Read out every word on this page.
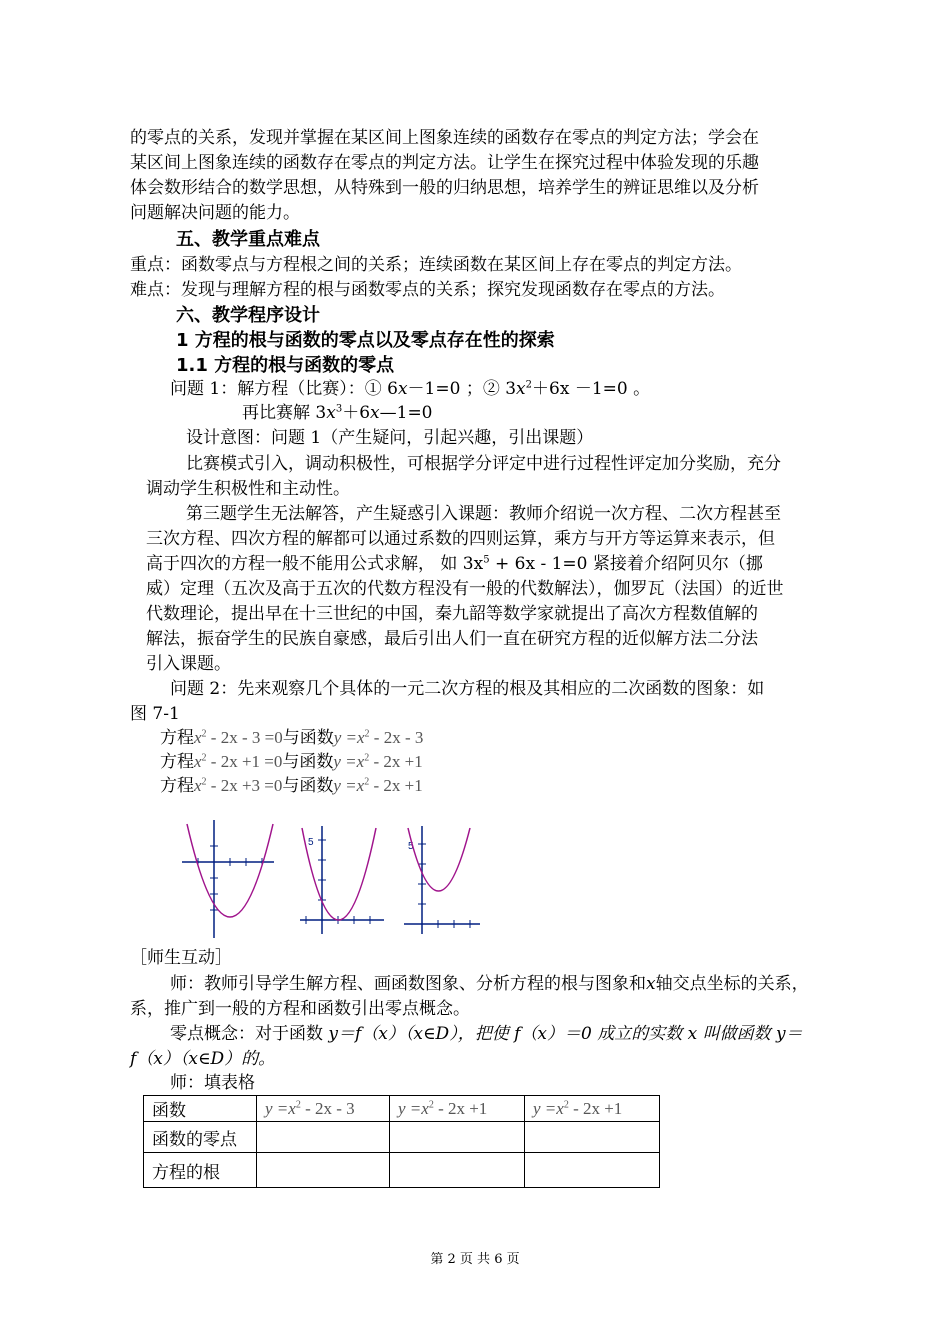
的零点的关系，发现并掌握在某区间上图象连续的函数存在零点的判定方法；学会在
某区间上图象连续的函数存在零点的判定方法。让学生在探究过程中体验发现的乐趣
体会数形结合的数学思想，从特殊到一般的归纳思想，培养学生的辨证思维以及分析
问题解决问题的能力。
五、教学重点难点
重点：函数零点与方程根之间的关系；连续函数在某区间上存在零点的判定方法。
难点：发现与理解方程的根与函数零点的关系；探究发现函数存在零点的方法。
六、教学程序设计
1 方程的根与函数的零点以及零点存在性的探索
1.1 方程的根与函数的零点
问题 1：解方程（比赛）：① 6x－1=0 ；② $3x^2+6x -1=0$ 。
再比赛解 $3x^3+6x—1=0$
设计意图：问题 1（产生疑问，引起兴趣，引出课题）
比赛模式引入，调动积极性，可根据学分评定中进行过程性评定加分奖励，充分
调动学生积极性和主动性。
第三题学生无法解答，产生疑惑引入课题：教师介绍说一次方程、二次方程甚至
三次方程、四次方程的解都可以通过系数的四则运算，乘方与开方等运算来表示，但
高于四次的方程一般不能用公式求解， 如 $3x^5 + 6x - 1=0$ 紧接着介绍阿贝尔（挪
威）定理（五次及高于五次的代数方程没有一般的代数解法），伽罗瓦（法国）的近世
代数理论，提出早在十三世纪的中国，秦九韶等数学家就提出了高次方程数值解的
解法，振奋学生的民族自豪感，最后引出人们一直在研究方程的近似解方法二分法
引入课题。
问题 2：先来观察几个具体的一元二次方程的根及其相应的二次函数的图象：如
图 7-1
方程$x^2 - 2x - 3 =0$与函数$y =x^2 - 2x - 3$
方程$x^2 - 2x +1 =0$与函数$y =x^2 - 2x +1$
方程$x^2 - 2x +3 =0$与函数$y =x^2 - 2x +1$
5	5
［师生互动］
师：教师引导学生解方程、画函数图象、分析方程的根与图象和x轴交点坐标的关系，
系，推广到一般的方程和函数引出零点概念。
零点概念：对于函数 y＝f（x）（x∈D），把使 f（x）＝0 成立的实数 x 叫做函数 y＝
f（x）（x∈D）的。
师：填表格
函数	$y =x^2 - 2x - 3$	$y =x^2 - 2x +1$	$y =x^2 - 2x +1$
函数的零点			
方程的根			
第 2 页 共 6 页
